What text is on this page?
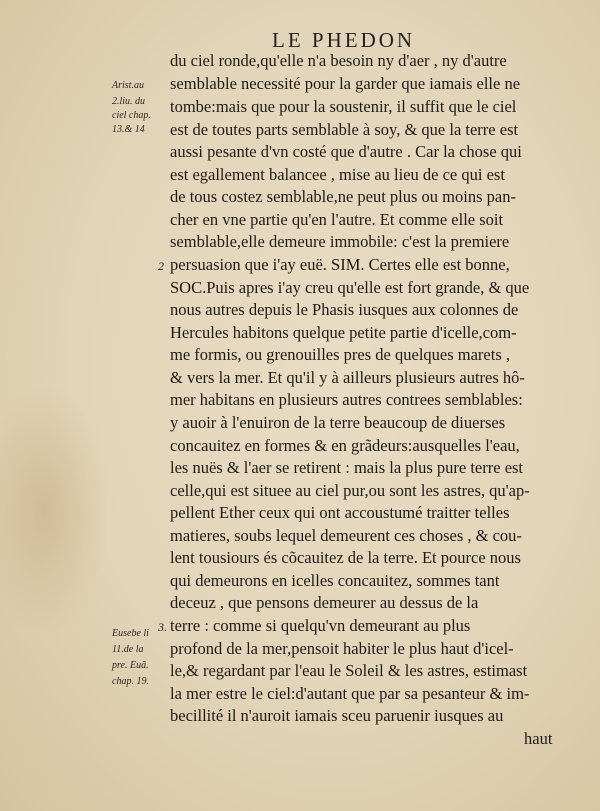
LE PHEDON
du ciel ronde,qu'elle n'a besoin ny d'aer , ny d'autre
semblable necessité pour la garder que iamais elle ne
tombe:mais que pour la soustenir, il suffit que le ciel
est de toutes parts semblable à soy, & que la terre est
aussi pesante d'vn costé que d'autre . Car la chose qui
est egallement balancee , mise au lieu de ce qui est
de tous costez semblable,ne peut plus ou moins pan-
cher en vne partie qu'en l'autre. Et comme elle soit
semblable,elle demeure immobile: c'est la premiere
persuasion que i'ay euë. SIM. Certes elle est bonne,
SOC.Puis apres i'ay creu qu'elle est fort grande, & que
nous autres depuis le Phasis iusques aux colonnes de
Hercules habitons quelque petite partie d'icelle,com-
me formis, ou grenouilles pres de quelques marets ,
& vers la mer. Et qu'il y à ailleurs plusieurs autres hô-
mer habitans en plusieurs autres contrees semblables:
y auoir à l'enuiron de la terre beaucoup de diuerses
concauitez en formes & en grãdeurs:ausquelles l'eau,
les nuës & l'aer se retirent : mais la plus pure terre est
celle,qui est situee au ciel pur,ou sont les astres, qu'ap-
pellent Ether ceux qui ont accoustumé traitter telles
matieres, soubs lequel demeurent ces choses , & cou-
lent tousiours és cõcauitez de la terre. Et pource nous
qui demeurons en icelles concauitez, sommes tant
deceuz , que pensons demeurer au dessus de la
terre : comme si quelqu'vn demeurant au plus
profond de la mer,pensoit habiter le plus haut d'icel-
le,& regardant par l'eau le Soleil & les astres, estimast
la mer estre le ciel:d'autant que par sa pesanteur & im-
becillité il n'auroit iamais sceu paruenir iusques au
haut
2
3.
Arist.au
2.liu. du
ciel chap.
13.& 14
Eusebe li
11.de la
pre. Euã.
chap. 19.
